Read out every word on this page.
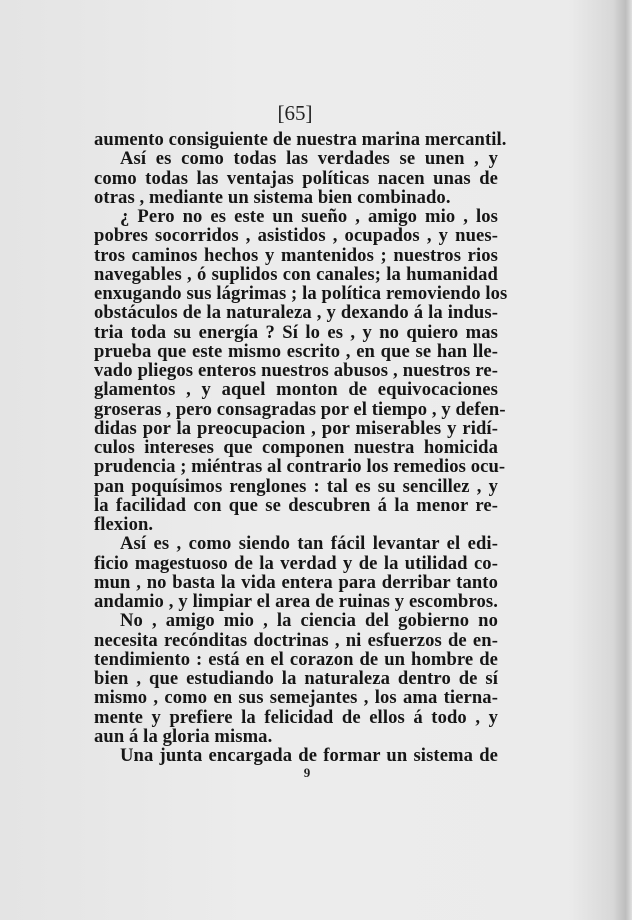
[65]
aumento consiguiente de nuestra marina mercantil.
Así es como todas las verdades se unen , y
como todas las ventajas políticas nacen unas de
otras , mediante un sistema bien combinado.
¿ Pero no es este un sueño , amigo mio , los
pobres socorridos , asistidos , ocupados , y nues-
tros caminos hechos y mantenidos ; nuestros rios
navegables , ó suplidos con canales; la humanidad
enxugando sus lágrimas ; la política removiendo los
obstáculos de la naturaleza , y dexando á la indus-
tria toda su energía ? Sí lo es , y no quiero mas
prueba que este mismo escrito , en que se han lle-
vado pliegos enteros nuestros abusos , nuestros re-
glamentos , y aquel monton de equivocaciones
groseras , pero consagradas por el tiempo , y defen-
didas por la preocupacion , por miserables y ridí-
culos intereses que componen nuestra homicida
prudencia ; miéntras al contrario los remedios ocu-
pan poquísimos renglones : tal es su sencillez , y
la facilidad con que se descubren á la menor re-
flexion.
Así es , como siendo tan fácil levantar el edi-
ficio magestuoso de la verdad y de la utilidad co-
mun , no basta la vida entera para derribar tanto
andamio , y limpiar el area de ruinas y escombros.
No , amigo mio , la ciencia del gobierno no
necesita recónditas doctrinas , ni esfuerzos de en-
tendimiento : está en el corazon de un hombre de
bien , que estudiando la naturaleza dentro de sí
mismo , como en sus semejantes , los ama tierna-
mente y prefiere la felicidad de ellos á todo , y
aun á la gloria misma.
Una junta encargada de formar un sistema de
9
